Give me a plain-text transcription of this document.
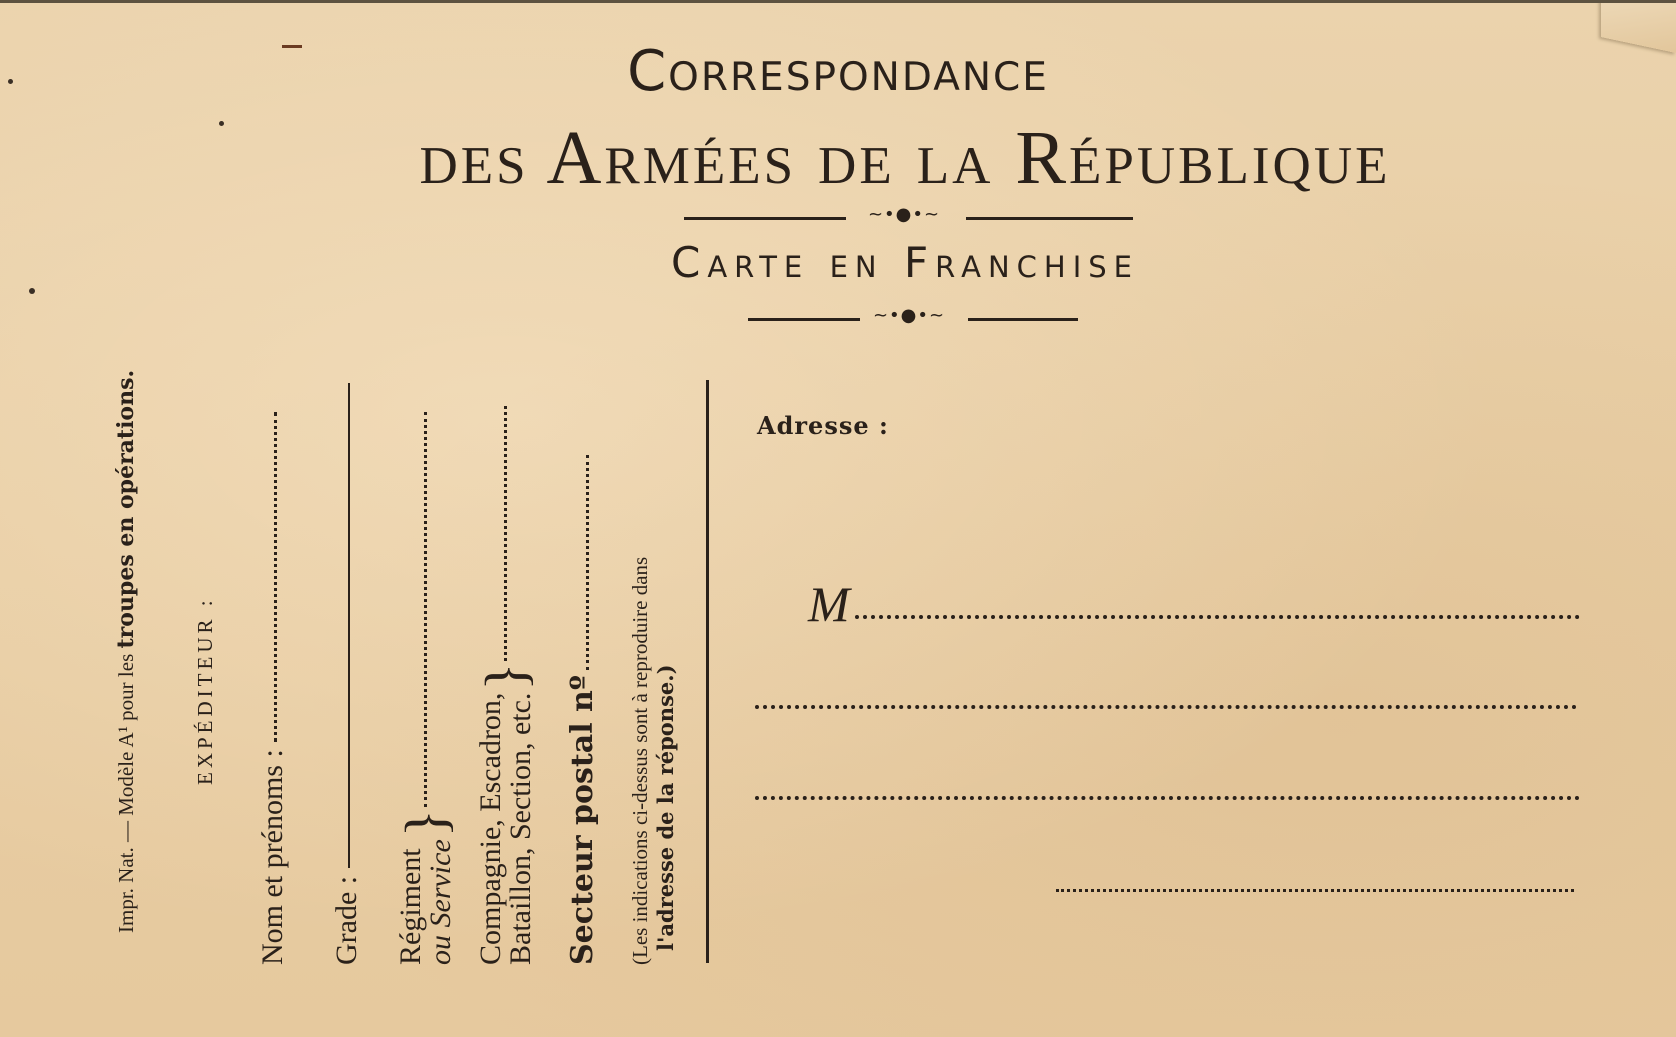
Correspondance
des Armées de la République
~•●•~
Carte en Franchise
~•●•~
Impr. Nat. — Modèle A¹ pour les troupes en opérations.
EXPÉDITEUR :
Nom et prénoms : Grade : Régiment
ou Service
} Compagnie, Escadron,
Bataillon, Section, etc.
} Secteur postal nº (Les indications ci-dessus sont à reproduire dans l'adresse de la réponse.)
Adresse :
M
